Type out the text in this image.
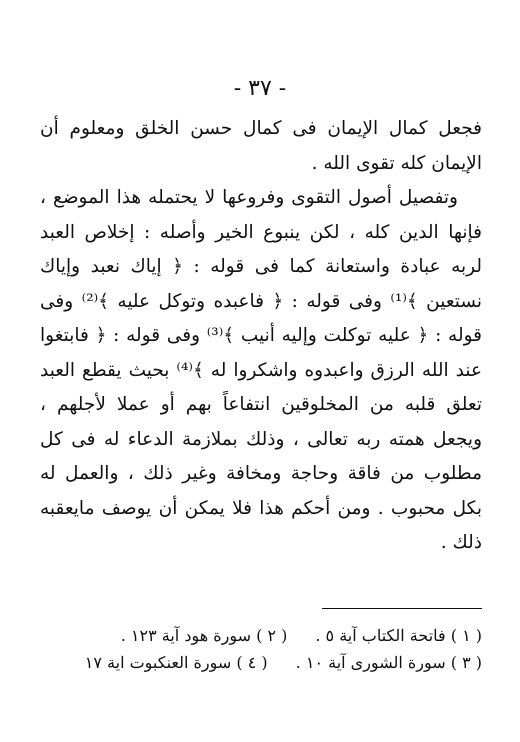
- ٣٧ -

فجعل كمال الإيمان فى كمال حسن الخلق ومعلوم أن الإيمان كله تقوى الله .

وتفصيل أصول التقوى وفروعها لا يحتمله هذا الموضع ، فإنها الدين كله ، لكن ينبوع الخير وأصله : إخلاص العبد لربه عبادة واستعانة كما فى قوله : ﴿ إياك نعبد وإياك نستعين ﴾⁽¹⁾ وفى قوله : ﴿ فاعبده وتوكل عليه ﴾⁽²⁾ وفى قوله : ﴿ عليه توكلت وإليه أنيب ﴾⁽³⁾ وفى قوله : ﴿ فابتغوا عند الله الرزق واعبدوه واشكروا له ﴾⁽⁴⁾ بحيث يقطع العبد تعلق قلبه من المخلوقين انتفاعاً بهم أو عملا لأجلهم ، ويجعل همته ربه تعالى ، وذلك بملازمة الدعاء له فى كل مطلوب من فاقة وحاجة ومخافة وغير ذلك ، والعمل له بكل محبوب . ومن أحكم هذا فلا يمكن أن يوصف مايعقبه ذلك .

( ١ ) فاتحة الكتاب آية ٥ .( ٢ ) سورة هود آية ١٢٣ .
( ٣ ) سورة الشورى آية ١٠ .( ٤ ) سورة العنكبوت اية ١٧
